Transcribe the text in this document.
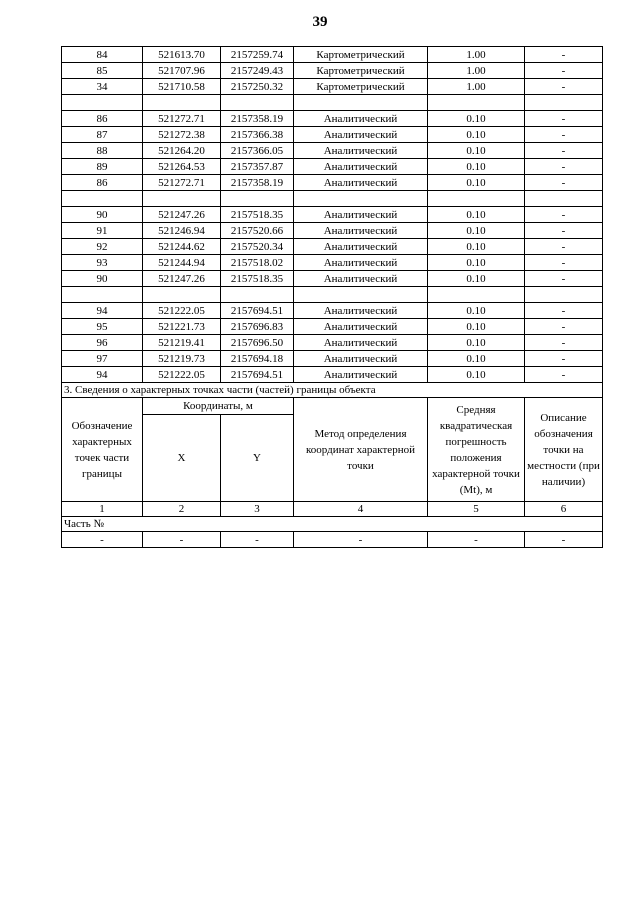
39
84	521613.70	2157259.74	Картометрический	1.00	-
85	521707.96	2157249.43	Картометрический	1.00	-
34	521710.58	2157250.32	Картометрический	1.00	-

86	521272.71	2157358.19	Аналитический	0.10	-
87	521272.38	2157366.38	Аналитический	0.10	-
88	521264.20	2157366.05	Аналитический	0.10	-
89	521264.53	2157357.87	Аналитический	0.10	-
86	521272.71	2157358.19	Аналитический	0.10	-

90	521247.26	2157518.35	Аналитический	0.10	-
91	521246.94	2157520.66	Аналитический	0.10	-
92	521244.62	2157520.34	Аналитический	0.10	-
93	521244.94	2157518.02	Аналитический	0.10	-
90	521247.26	2157518.35	Аналитический	0.10	-

94	521222.05	2157694.51	Аналитический	0.10	-
95	521221.73	2157696.83	Аналитический	0.10	-
96	521219.41	2157696.50	Аналитический	0.10	-
97	521219.73	2157694.18	Аналитический	0.10	-
94	521222.05	2157694.51	Аналитический	0.10	-
3. Сведения о характерных точках части (частей) границы объекта					
Обозначение характерных точек части границы	Координаты, м		Метод определения координат характерной точки	Средняя квадратическая погрешность положения характерной точки (Mt), м	Описание обозначения точки на местности (при наличии)
	X	Y			
1	2	3	4	5	6
Часть №					
-	-	-	-	-	-
